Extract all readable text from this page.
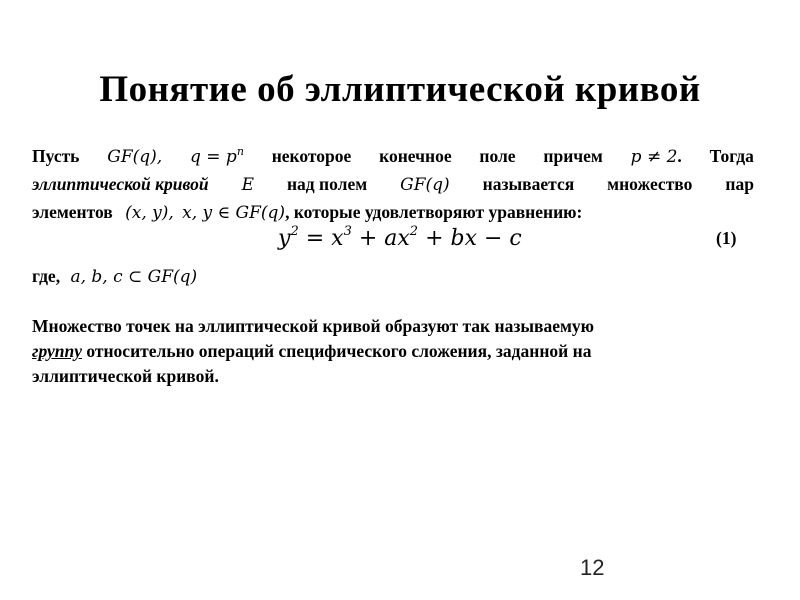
Понятие об эллиптической кривой
Пусть GF(q), $q = p^n$ некоторое конечное поле причем p ≠ 2. Тогда
эллиптической кривой E над полем GF(q) называется множество пар
элементов (x, y), x, y ∈ GF(q), которые удовлетворяют уравнению:
$y^2 = x^3 + ax^2$ + bx − c	(1)
где, a, b, c ⊂ GF(q)
Множество точек на эллиптической кривой образуют так называемую
группу относительно операций специфического сложения, заданной на
эллиптической кривой.
12
